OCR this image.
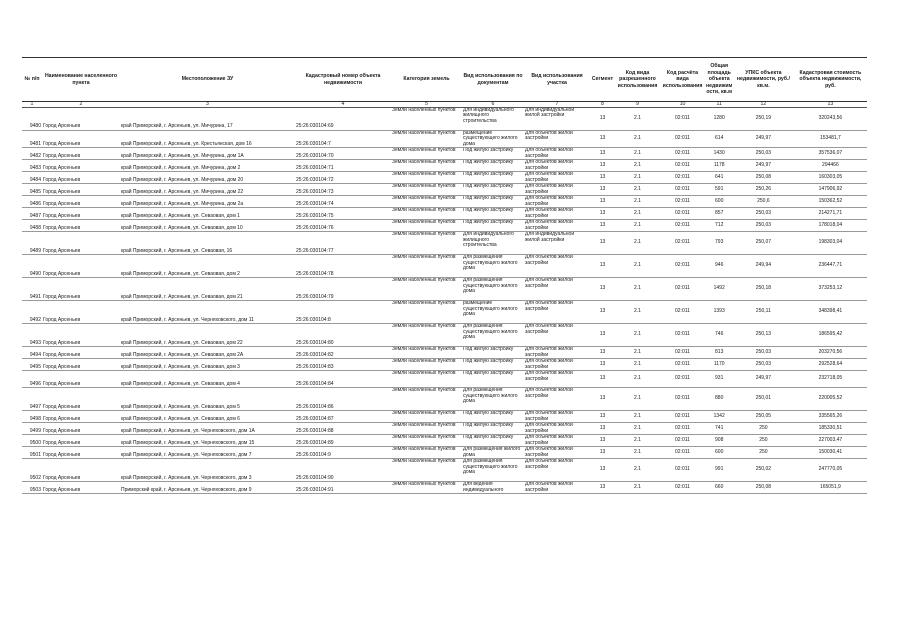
№ п/п	Наименование населенного пункта	Местоположение ЗУ	Кадастровый номер объекта недвижимости	Категория земель	Вид использования по документам	Вид использования участка	Сегмент	Код вида разрешенного использования	Код расчёта вида использования	Общая площадь объекта недвижим ости, кв.м	УПКС объекта недвижимости, руб./кв.м.	Кадастровая стоимость объекта недвижимости, руб.
1	2	3	4	5	6	7	8	9	10	11	12	13
9480	Город Арсеньев	край Приморский, г. Арсеньев, ул. Мичурина, 17	25:26:030104:69	Земли населенных пунктов	Для индивидуального жилищного строительства	Для индивидуальной жилой застройки	13	2.1	02:011	1280	250,19	320243,56
9481	Город Арсеньев	край Приморский, г. Арсеньев, ул. Крестьянская, дом 16	25:26:030104:7	Земли населенных пунктов	размещение существующего жилого дома	Для объектов жилой застройки	13	2.1	02:011	614	249,97	153481,7
9482	Город Арсеньев	край Приморский, г. Арсеньев, ул. Мичурина, дом 1А	25:26:030104:70	Земли населенных пунктов	Под жилую застройку	Для объектов жилой застройки	13	2.1	02:011	1430	250,03	357536,07
9483	Город Арсеньев	край Приморский, г. Арсеньев, ул. Мичурина, дом 2	25:26:030104:71	Земли населенных пунктов	Под жилую застройку	Для объектов жилой застройки	13	2.1	02:011	1178	249,97	294466
9484	Город Арсеньев	край Приморский, г. Арсеньев, ул. Мичурина, дом 20	25:26:030104:72	Земли населенных пунктов	Под жилую застройку	Для объектов жилой застройки	13	2.1	02:011	641	250,08	160303,05
9485	Город Арсеньев	край Приморский, г. Арсеньев, ул. Мичурина, дом 22	25:26:030104:73	Земли населенных пунктов	Под жилую застройку	Для объектов жилой застройки	13	2.1	02:011	591	250,26	147906,92
9486	Город Арсеньев	край Приморский, г. Арсеньев, ул. Мичурина, дом 2а	25:26:030104:74	Земли населенных пунктов	Под жилую застройку	Для объектов жилой застройки	13	2.1	02:011	600	250,6	150362,52
9487	Город Арсеньев	край Приморский, г. Арсеньев, ул. Севаовая, дом 1	25:26:030104:75	Земли населенных пунктов	Под жилую застройку	Для объектов жилой застройки	13	2.1	02:011	857	250,03	214271,71
9488	Город Арсеньев	край Приморский, г. Арсеньев, ул. Севаовая, дом 10	25:26:030104:76	Земли населенных пунктов	Под жилую застройку	Для объектов жилой застройки	13	2.1	02:011	712	250,03	178018,04
9489	Город Арсеньев	край Приморский, г. Арсеньев, ул. Севаовая, 16	25:26:030104:77	Земли населенных пунктов	Для индивидуального жилищного строительства	Для индивидуальной жилой застройки	13	2.1	02:011	793	250,07	198303,04
9490	Город Арсеньев	край Приморский, г. Арсеньев, ул. Севаовая, дом 2	25:26:030104:78	Земли населенных пунктов	Для размещения существующего жилого дома	Для объектов жилой застройки	13	2.1	02:011	946	249,94	236447,71
9491	Город Арсеньев	край Приморский, г. Арсеньев, ул. Севаовая, дом 21	25:26:030104:79	Земли населенных пунктов	Для размещения существующего жилого дома	Для объектов жилой застройки	13	2.1	02:011	1492	250,18	373253,12
9492	Город Арсеньев	край Приморский, г. Арсеньев, ул. Черняховского, дом 11	25:26:030104:8	Земли населенных пунктов	размещение существующего жилого дома	Для объектов жилой застройки	13	2.1	02:011	1393	250,11	348398,41
9493	Город Арсеньев	край Приморский, г. Арсеньев, ул. Севаовая, дом 22	25:26:030104:80	Земли населенных пунктов	Для размещения существующего жилого дома	Для объектов жилой застройки	13	2.1	02:011	746	250,13	186595,42
9494	Город Арсеньев	край Приморский, г. Арсеньев, ул. Севаовая, дом 2А	25:26:030104:82	Земли населенных пунктов	Под жилую застройку	Для объектов жилой застройки	13	2.1	02:011	813	250,03	203270,56
9495	Город Арсеньев	край Приморский, г. Арсеньев, ул. Севаовая, дом 3	25:26:030104:83	Земли населенных пунктов	Под жилую застройку	Для объектов жилой застройки	13	2.1	02:011	1170	250,03	292528,64
9496	Город Арсеньев	край Приморский, г. Арсеньев, ул. Севаовая, дом 4	25:26:030104:84	Земли населенных пунктов	Под жилую застройку	Для объектов жилой застройки	13	2.1	02:011	931	249,97	232718,05
9497	Город Арсеньев	край Приморский, г. Арсеньев, ул. Севаовая, дом 5	25:26:030104:86	Земли населенных пунктов	Для размещения существующего жилого дома	Для объектов жилой застройки	13	2.1	02:011	880	250,01	220005,52
9498	Город Арсеньев	край Приморский, г. Арсеньев, ул. Севаовая, дом 6	25:26:030104:87	Земли населенных пунктов	Под жилую застройку	Для объектов жилой застройки	13	2.1	02:011	1342	250,05	335565,26
9499	Город Арсеньев	край Приморский, г. Арсеньев, ул. Черняховского, дом 1А	25:26:030104:88	Земли населенных пунктов	Под жилую застройку	Для объектов жилой застройки	13	2.1	02:011	741	250	185330,51
9500	Город Арсеньев	край Приморский, г. Арсеньев, ул. Черняховского, дом 15	25:26:030104:89	Земли населенных пунктов	Под жилую застройку	Для объектов жилой застройки	13	2.1	02:011	908	250	227003,47
9501	Город Арсеньев	край Приморский, г. Арсеньев, ул. Черняховского, дом 7	25:26:030104:9	Земли населенных пунктов	Для размещения жилого дома	Для объектов жилой застройки	13	2.1	02:011	600	250	150030,41
9502	Город Арсеньев	край Приморский, г. Арсеньев, ул. Черняховского, дом 3	25:26:030104:90	Земли населенных пунктов	Для размещения существующего жилого дома	Для объектов жилой застройки	13	2.1	02:011	991	250,02	247770,05
9503	Город Арсеньев	Приморский край, г. Арсеньев, ул. Черняховского, дом 9	25:26:030104:91	Земли населенных пунктов	Для ведения индивидуального	Для объектов жилой застройки	13	2.1	02:011	660	250,08	165051,9
